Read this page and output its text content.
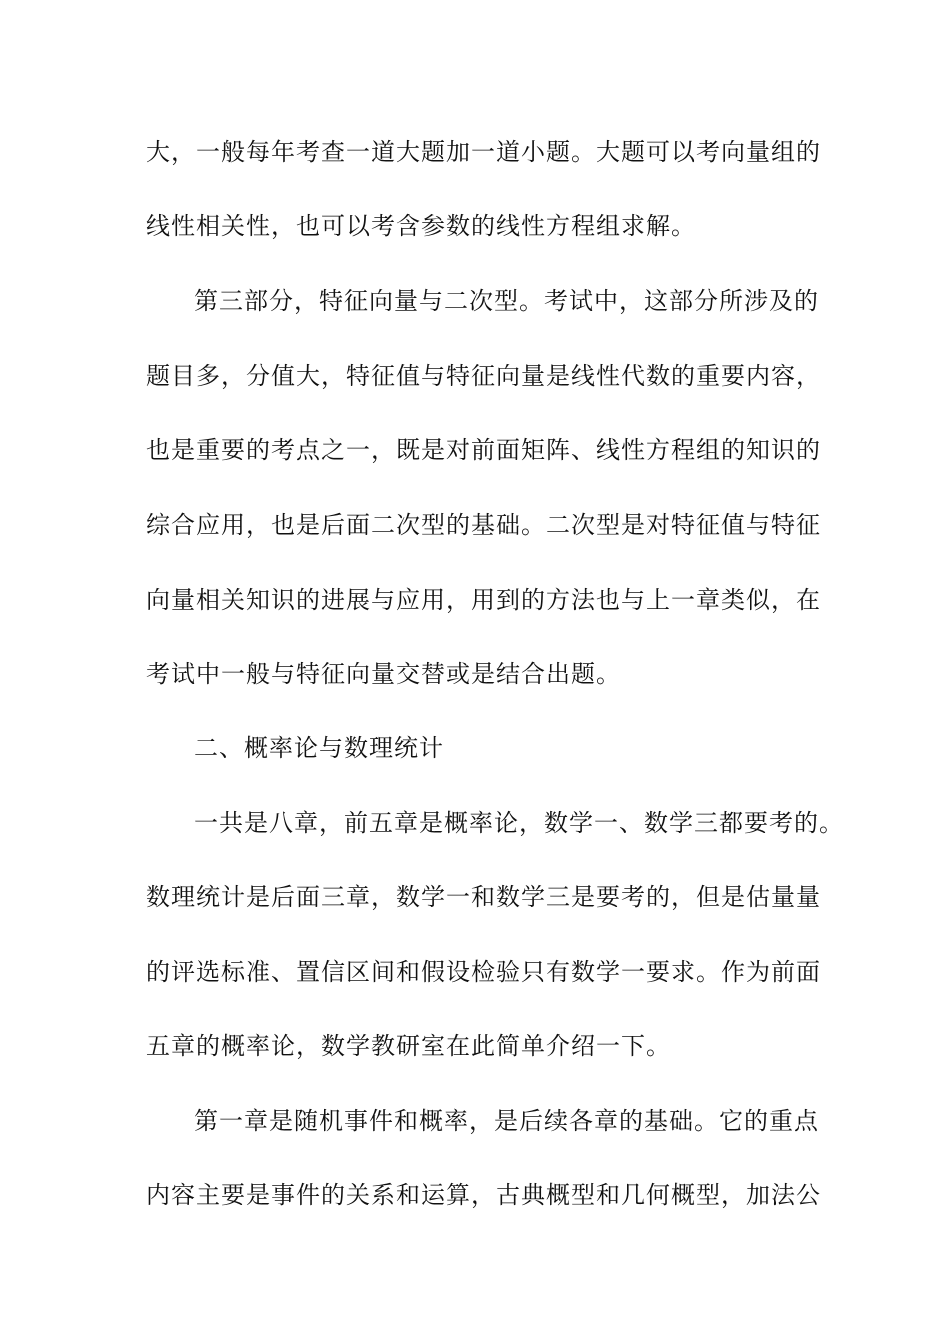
大，一般每年考查一道大题加一道小题。大题可以考向量组的
线性相关性，也可以考含参数的线性方程组求解。
第三部分，特征向量与二次型。考试中，这部分所涉及的
题目多，分值大，特征值与特征向量是线性代数的重要内容，
也是重要的考点之一，既是对前面矩阵、线性方程组的知识的
综合应用，也是后面二次型的基础。二次型是对特征值与特征
向量相关知识的进展与应用，用到的方法也与上一章类似，在
考试中一般与特征向量交替或是结合出题。
二、概率论与数理统计
一共是八章，前五章是概率论，数学一、数学三都要考的。
数理统计是后面三章，数学一和数学三是要考的，但是估量量
的评选标准、置信区间和假设检验只有数学一要求。作为前面
五章的概率论，数学教研室在此简单介绍一下。
第一章是随机事件和概率，是后续各章的基础。它的重点
内容主要是事件的关系和运算，古典概型和几何概型，加法公
